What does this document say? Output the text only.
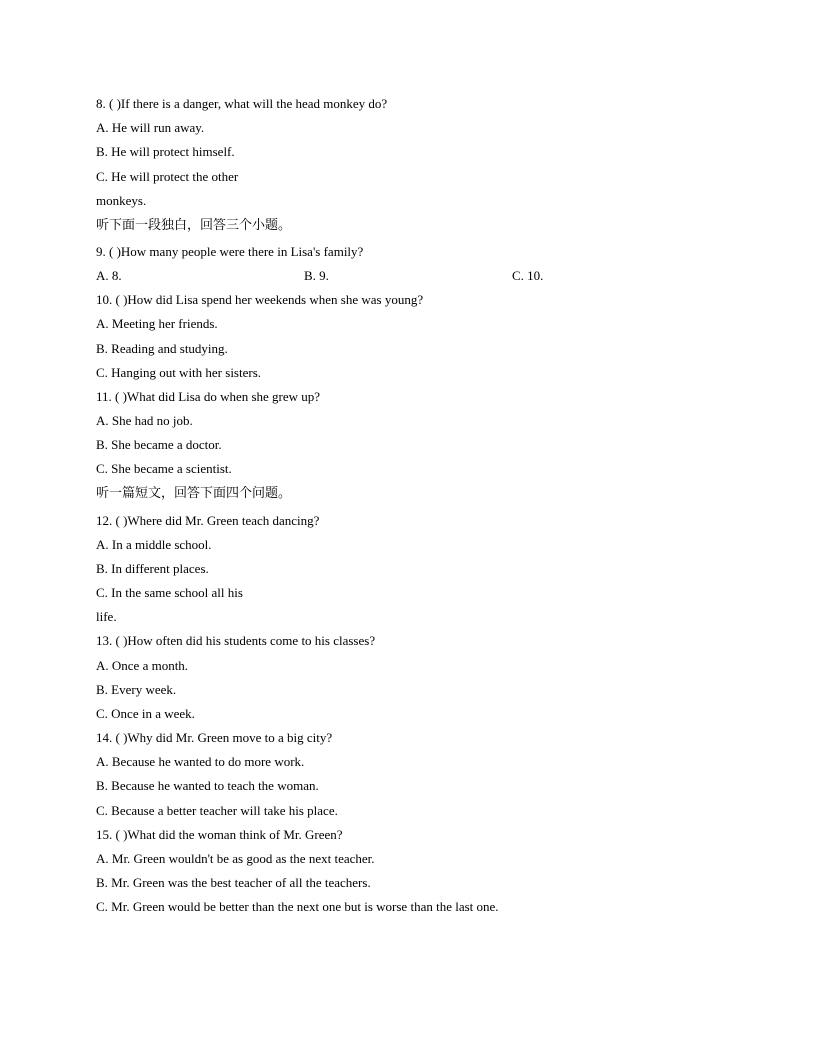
8. ( )If there is a danger, what will the head monkey do?
A. He will run away.
B. He will protect himself.
C. He will protect the other
monkeys.
听下面一段独白，回答三个小题。
9. ( )How many people were there in Lisa's family?
A. 8.	B. 9.	C. 10.
10. ( )How did Lisa spend her weekends when she was young?
A. Meeting her friends.
B. Reading and studying.
C. Hanging out with her sisters.
11. ( )What did Lisa do when she grew up?
A. She had no job.
B. She became a doctor.
C. She became a scientist.
听一篇短文，回答下面四个问题。
12. ( )Where did Mr. Green teach dancing?
A. In a middle school.
B. In different places.
C. In the same school all his
life.
13. ( )How often did his students come to his classes?
A. Once a month.
B. Every week.
C. Once in a week.
14. ( )Why did Mr. Green move to a big city?
A. Because he wanted to do more work.
B. Because he wanted to teach the woman.
C. Because a better teacher will take his place.
15. ( )What did the woman think of Mr. Green?
A. Mr. Green wouldn't be as good as the next teacher.
B. Mr. Green was the best teacher of all the teachers.
C. Mr. Green would be better than the next one but is worse than the last one.
